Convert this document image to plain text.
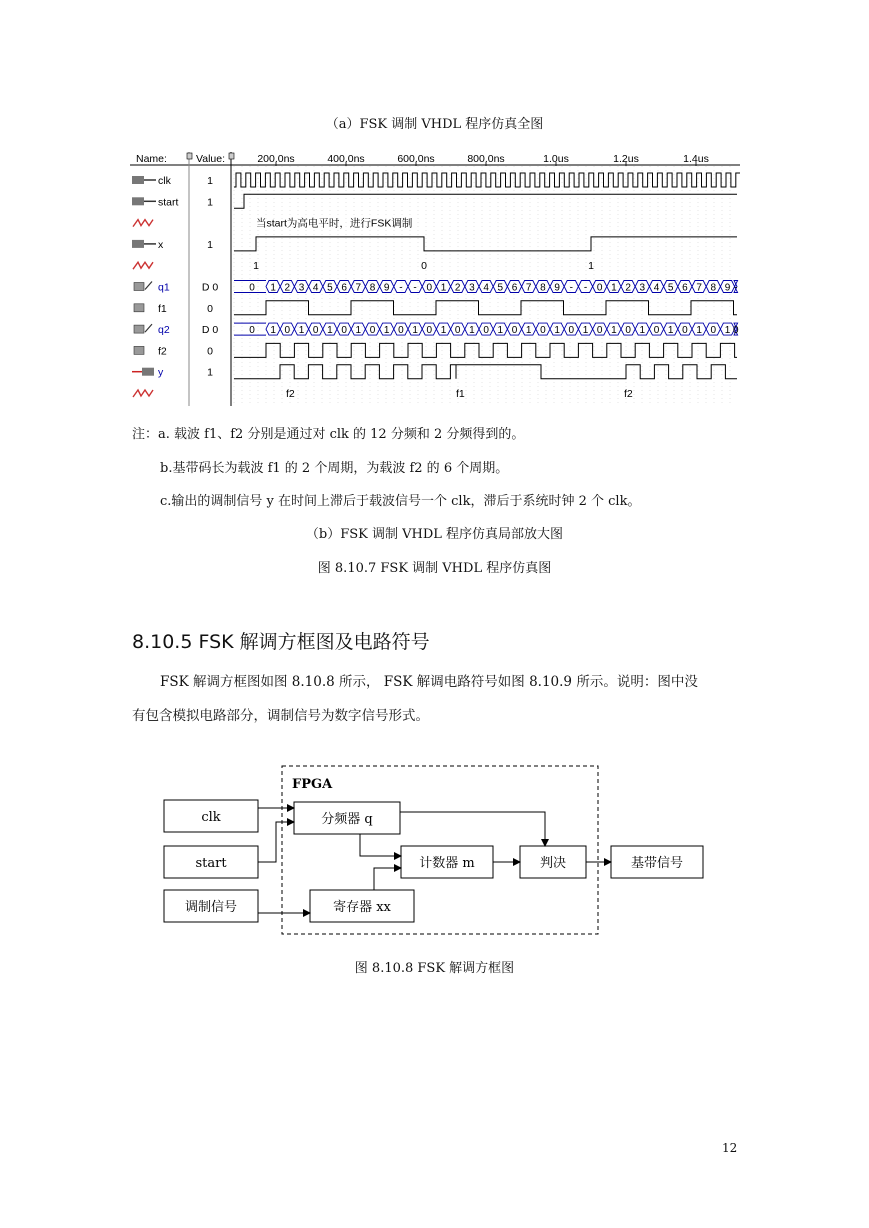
（a）FSK 调制 VHDL 程序仿真全图
Name:	Value:	200.0ns	400.0ns	600.0ns	800.0ns	1.0us	1.2us	1.4us
clk	1
start	1
x	1
q1	D 0
f1	0
q2	D 0
f2	0
y	1
当start为高电平时，进行FSK调制
1	0	1
0 1 2 3 4 5 6 7 8 9 - - 0 1 2 3 4 5 6 7 8 9 - - 0 1 2 3 4 5 6 7 8 9 -
0 1 0 1 0 1 0 1 0 1 0 1 0 1 0 1 0 1 0 1 0 1 0 1 0 1 0 1 0 1 0 1 0 1 0
f2	f1	f2
注：a. 载波 f1、f2 分别是通过对 clk 的 12 分频和 2 分频得到的。
b.基带码长为载波 f1 的 2 个周期，为载波 f2 的 6 个周期。
c.输出的调制信号 y 在时间上滞后于载波信号一个 clk，滞后于系统时钟 2 个 clk。
（b）FSK 调制 VHDL 程序仿真局部放大图
图 8.10.7 FSK 调制 VHDL 程序仿真图
8.10.5 FSK 解调方框图及电路符号
FSK 解调方框图如图 8.10.8 所示， FSK 解调电路符号如图 8.10.9 所示。说明：图中没
有包含模拟电路部分，调制信号为数字信号形式。
FPGA
clk
start
调制信号
分频器 q
计数器 m	判决
寄存器 xx
基带信号
图 8.10.8 FSK 解调方框图
12
